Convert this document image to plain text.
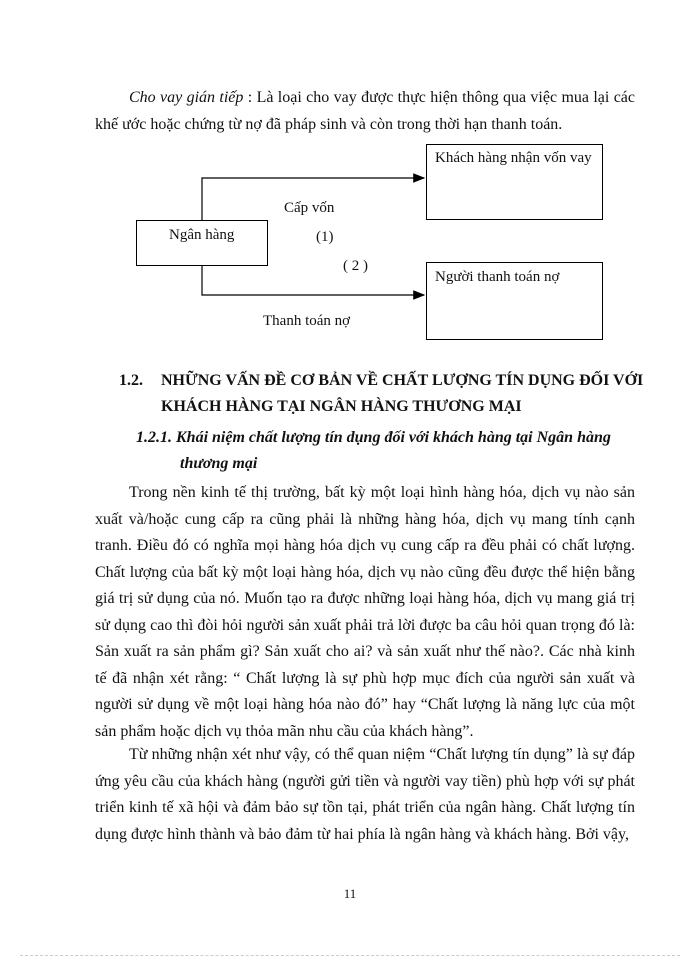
Cho vay gián tiếp : Là loại cho vay được thực hiện thông qua việc mua lại các khế ước hoặc chứng từ nợ đã pháp sinh và còn trong thời hạn thanh toán.

Ngân hàng
Khách hàng nhận vốn vay
Người thanh toán nợ
Cấp vốn
(1)
( 2 )
Thanh toán nợ
1.2. NHỮNG VẤN ĐỀ CƠ BẢN VỀ CHẤT LƯỢNG TÍN DỤNG ĐỐI VỚI
KHÁCH HÀNG TẠI NGÂN HÀNG THƯƠNG MẠI
1.2.1. Khái niệm chất lượng tín dụng đối với khách hàng tại Ngân hàng
thương mại

Trong nền kinh tế thị trường, bất kỳ một loại hình hàng hóa, dịch vụ nào sản xuất và/hoặc cung cấp ra cũng phải là những hàng hóa, dịch vụ mang tính cạnh tranh. Điều đó có nghĩa mọi hàng hóa dịch vụ cung cấp ra đều phải có chất lượng. Chất lượng của bất kỳ một loại hàng hóa, dịch vụ nào cũng đều được thể hiện bằng giá trị sử dụng của nó. Muốn tạo ra được những loại hàng hóa, dịch vụ mang giá trị sử dụng cao thì đòi hỏi người sản xuất phải trả lời được ba câu hỏi quan trọng đó là: Sản xuất ra sản phẩm gì? Sản xuất cho ai? và sản xuất như thế nào?. Các nhà kinh tế đã nhận xét rằng: “ Chất lượng là sự phù hợp mục đích của người sản xuất và người sử dụng về một loại hàng hóa nào đó” hay “Chất lượng là năng lực của một sản phẩm hoặc dịch vụ thỏa mãn nhu cầu của khách hàng”.

Từ những nhận xét như vậy, có thể quan niệm “Chất lượng tín dụng” là sự đáp ứng yêu cầu của khách hàng (người gửi tiền và người vay tiền) phù hợp với sự phát triển kinh tế xã hội và đảm bảo sự tồn tại, phát triển của ngân hàng. Chất lượng tín dụng được hình thành và bảo đảm từ hai phía là ngân hàng và khách hàng. Bởi vậy,

11
